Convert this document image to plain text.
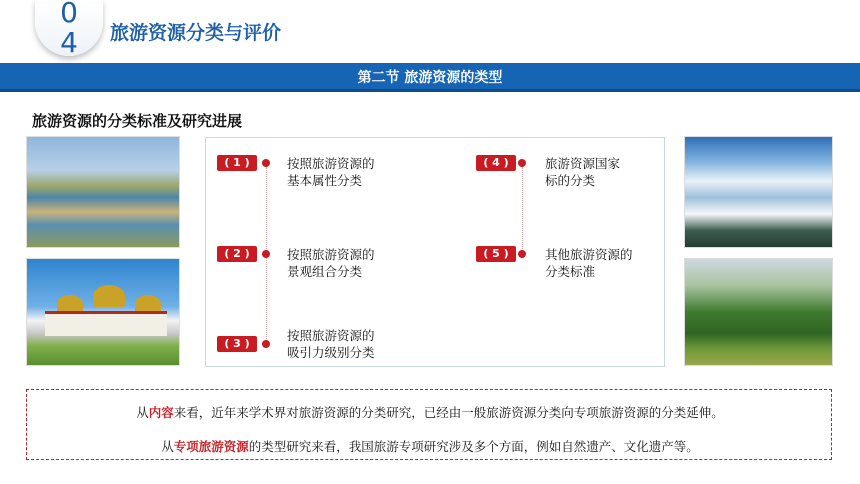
0
4	旅游资源分类与评价
第二节 旅游资源的类型
旅游资源的分类标准及研究进展
( 1 )	按照旅游资源的
基本属性分类
( 2 )	按照旅游资源的
景观组合分类
( 3 )
按照旅游资源的
吸引力级别分类
( 4 )	旅游资源国家
标的分类
( 5 )	其他旅游资源的
分类标准
从内容来看，近年来学术界对旅游资源的分类研究，已经由一般旅游资源分类向专项旅游资源的分类延伸。
从专项旅游资源的类型研究来看，我国旅游专项研究涉及多个方面，例如自然遗产、文化遗产等。
